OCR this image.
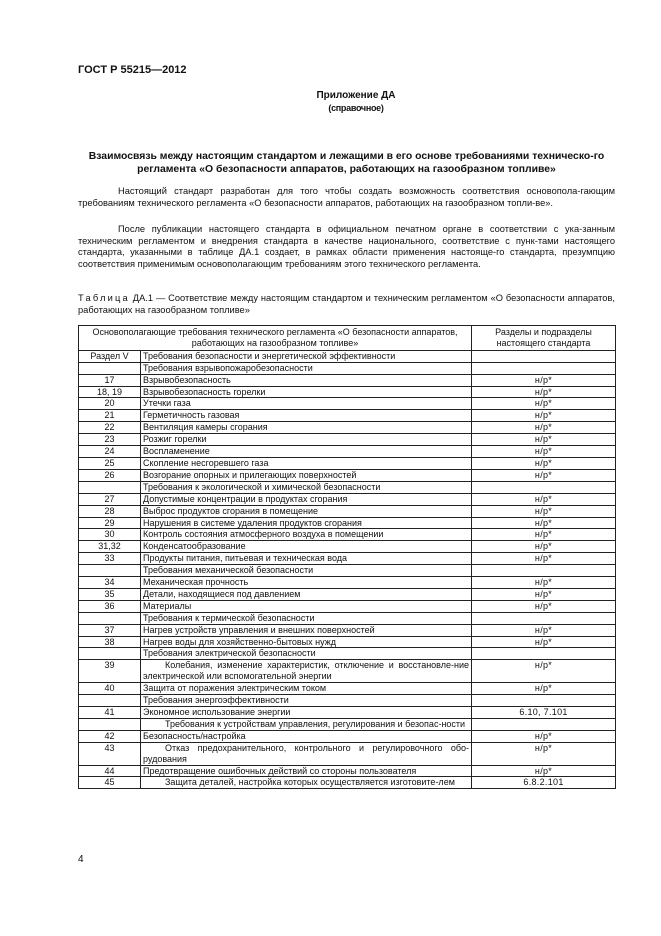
ГОСТ Р 55215—2012
Приложение ДА
(справочное)
Взаимосвязь между настоящим стандартом и лежащими в его основе требованиями техническо-го регламента «О безопасности аппаратов, работающих на газообразном топливе»
Настоящий стандарт разработан для того чтобы создать возможность соответствия основопола-гающим требованиям технического регламента «О безопасности аппаратов, работающих на газообразном топли-ве».
После публикации настоящего стандарта в официальном печатном органе в соответствии с ука-занным техническим регламентом и внедрения стандарта в качестве национального, соответствие с пунк-тами настоящего стандарта, указанными в таблице ДА.1 создает, в рамках области применения настояще-го стандарта, презумпцию соответствия применимым основополагающим требованиям этого технического регламента.
Таблица ДА.1 — Соответствие между настоящим стандартом и техническим регламентом «О безопасности аппаратов, работающих на газообразном топливе»
Основополагающие требования технического регламента «О безопасности аппаратов, работающих на газообразном топливе»		Разделы и подразделы настоящего стандарта
Раздел V	Требования безопасности и энергетической эффективности	
	Требования взрывопожаробезопасности	
17	Взрывобезопасность	н/р*
18, 19	Взрывобезопасность горелки	н/р*
20	Утечки газа	н/р*
21	Герметичность газовая	н/р*
22	Вентиляция камеры сгорания	н/р*
23	Розжиг горелки	н/р*
24	Воспламенение	н/р*
25	Скопление несгоревшего газа	н/р*
26	Возгорание опорных и прилегающих поверхностей	н/р*
	Требования к экологической и химической безопасности	
27	Допустимые концентрации в продуктах сгорания	н/р*
28	Выброс продуктов сгорания в помещение	н/р*
29	Нарушения в системе удаления продуктов сгорания	н/р*
30	Контроль состояния атмосферного воздуха в помещении	н/р*
31,32	Конденсатообразование	н/р*
33	Продукты питания, питьевая и техническая вода	н/р*
	Требования механической безопасности	
34	Механическая прочность	н/р*
35	Детали, находящиеся под давлением	н/р*
36	Материалы	н/р*
	Требования к термической безопасности	
37	Нагрев устройств управления и внешних поверхностей	н/р*
38	Нагрев воды для хозяйственно-бытовых нужд	н/р*
	Требования электрической безопасности	
39	Колебания, изменение характеристик, отключение и восстановле-ние электрической или вспомогательной энергии	н/р*
40	Защита от поражения электрическим током	н/р*
	Требования энергоэффективности	
41	Экономное использование энергии	6.10, 7.101
	Требования к устройствам управления, регулирования и безопас-ности	
42	Безопасность/настройка	н/р*
43	Отказ предохранительного, контрольного и регулировочного обо-рудования	н/р*
44	Предотвращение ошибочных действий со стороны пользователя	н/р*
45	Защита деталей, настройка которых осуществляется изготовите-лем	6.8.2.101
4
